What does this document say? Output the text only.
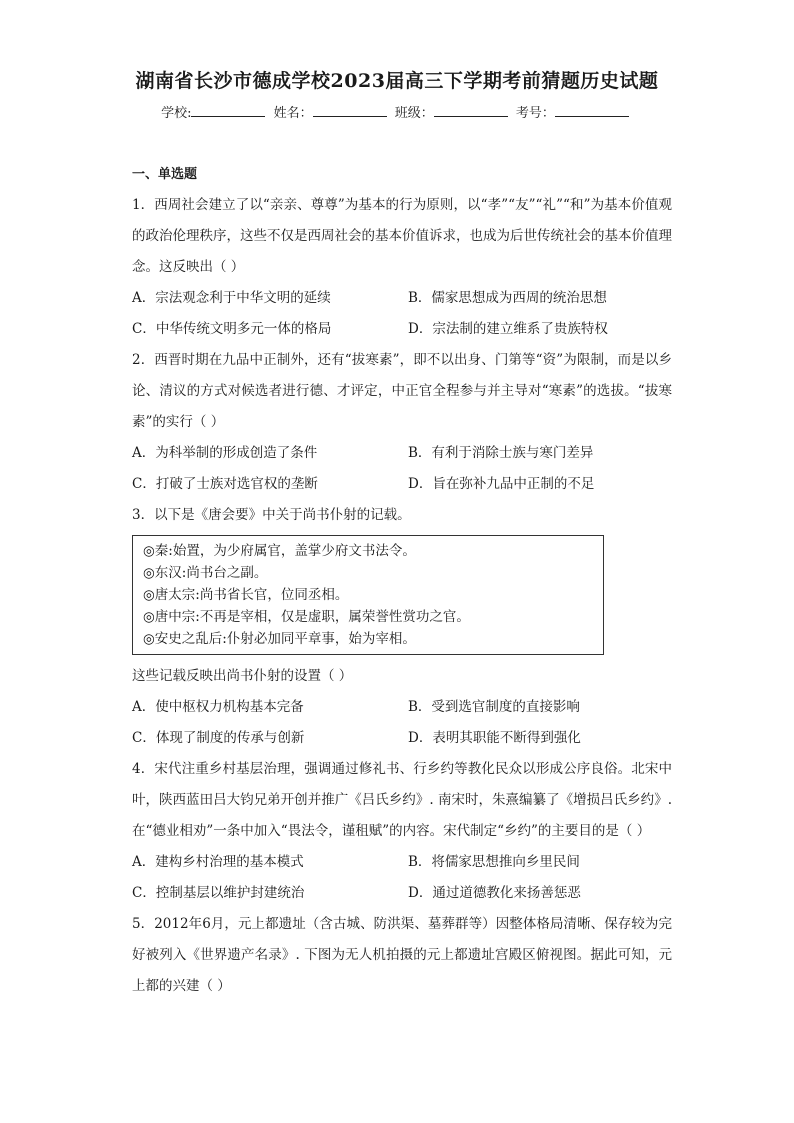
湖南省长沙市德成学校2023届高三下学期考前猜题历史试题
学校:	姓名：	班级：	考号：
一、单选题

1．西周社会建立了以“亲亲、尊尊”为基本的行为原则，以“孝”“友”“礼”“和”为基本价值观的政治伦理秩序，这些不仅是西周社会的基本价值诉求，也成为后世传统社会的基本价值理念。这反映出（ ）

A．宗法观念利于中华文明的延续	B．儒家思想成为西周的统治思想
C．中华传统文明多元一体的格局	D．宗法制的建立维系了贵族特权

2．西晋时期在九品中正制外，还有“拔寒素”，即不以出身、门第等“资”为限制，而是以乡论、清议的方式对候选者进行德、才评定，中正官全程参与并主导对“寒素”的选拔。“拔寒素”的实行（ ）

A．为科举制的形成创造了条件	B．有利于消除士族与寒门差异
C．打破了士族对选官权的垄断	D．旨在弥补九品中正制的不足

3．以下是《唐会要》中关于尚书仆射的记载。

◎秦:始置，为少府属官，盖掌少府文书法令。
◎东汉:尚书台之副。
◎唐太宗:尚书省长官，位同丞相。
◎唐中宗:不再是宰相，仅是虚职，属荣誉性赏功之官。
◎安史之乱后:仆射必加同平章事，始为宰相。

这些记载反映出尚书仆射的设置（ ）

A．使中枢权力机构基本完备	B．受到选官制度的直接影响
C．体现了制度的传承与创新	D．表明其职能不断得到强化

4．宋代注重乡村基层治理，强调通过修礼书、行乡约等教化民众以形成公序良俗。北宋中叶，陕西蓝田吕大钧兄弟开创并推广《吕氏乡约》. 南宋时，朱熹编纂了《增损吕氏乡约》. 在“德业相劝”一条中加入“畏法令，谨租赋”的内容。宋代制定“乡约”的主要目的是（ ）

A．建构乡村治理的基本模式	B．将儒家思想推向乡里民间
C．控制基层以维护封建统治	D．通过道德教化来扬善惩恶

5．2012年6月，元上都遗址（含古城、防洪渠、墓葬群等）因整体格局清晰、保存较为完好被列入《世界遗产名录》. 下图为无人机拍摄的元上都遗址宫殿区俯视图。据此可知，元上都的兴建（ ）
